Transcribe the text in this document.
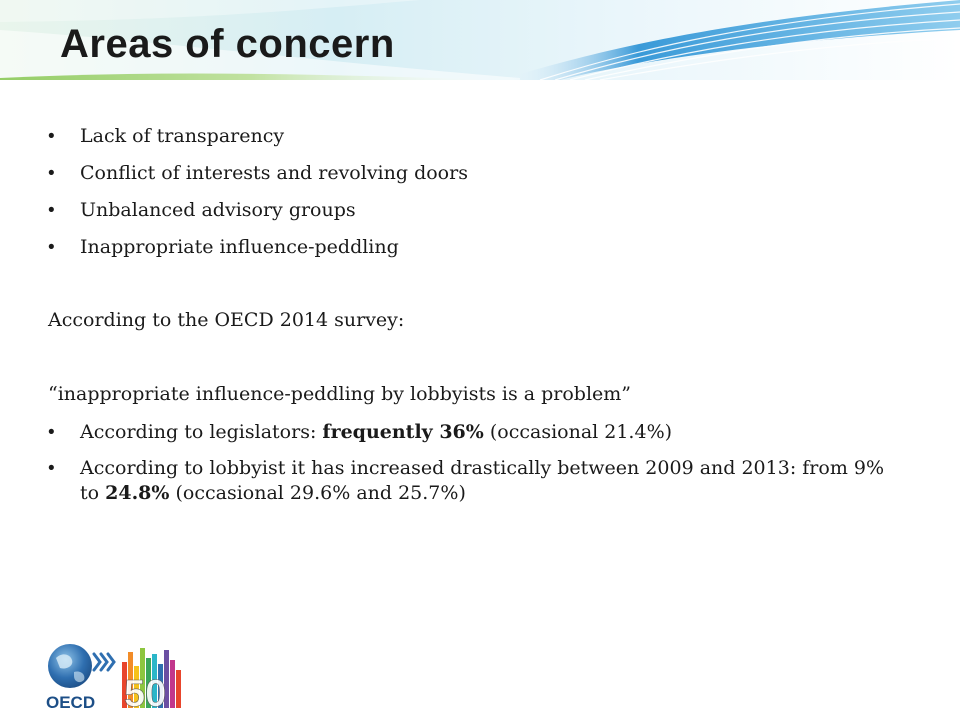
Areas of concern
• Lack of transparency
• Conflict of interests and revolving doors
• Unbalanced advisory groups
• Inappropriate influence-peddling

According to the OECD 2014 survey:

“inappropriate influence-peddling by lobbyists is a problem”

• According to legislators: frequently 36% (occasional 21.4%)
• According to lobbyist it has increased drastically between 2009 and 2013: from 9% to 24.8% (occasional 29.6% and 25.7%)
OECD 50
